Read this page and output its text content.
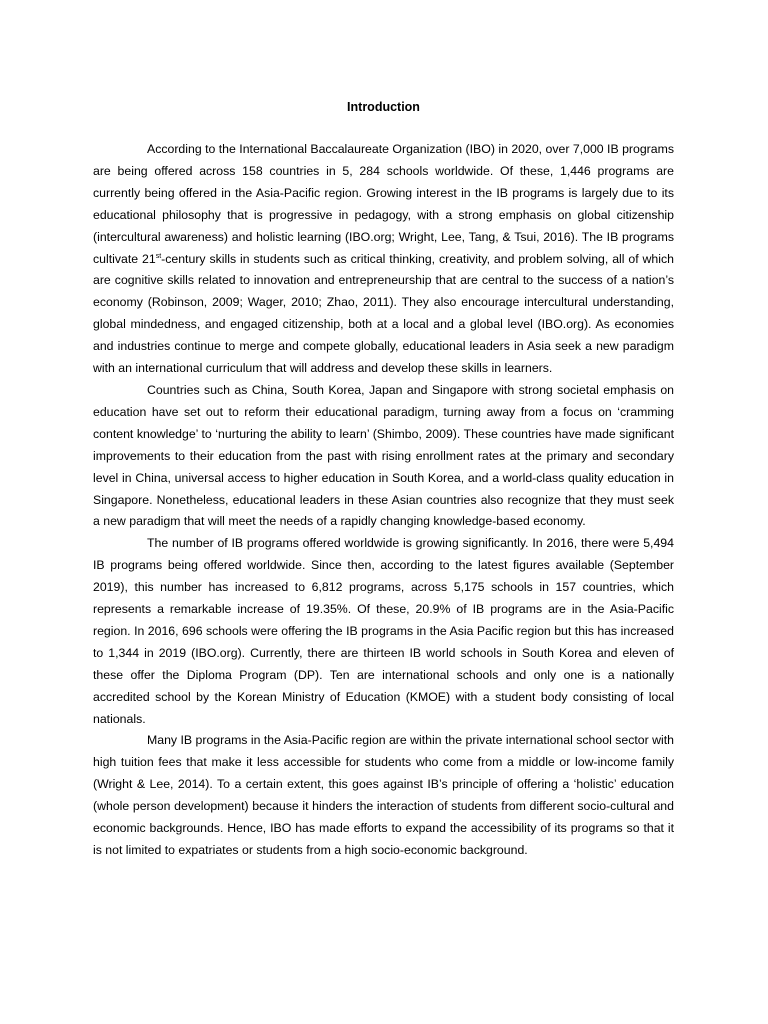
Introduction

According to the International Baccalaureate Organization (IBO) in 2020, over 7,000 IB programs are being offered across 158 countries in 5, 284 schools worldwide. Of these, 1,446 programs are currently being offered in the Asia-Pacific region. Growing interest in the IB programs is largely due to its educational philosophy that is progressive in pedagogy, with a strong emphasis on global citizenship (intercultural awareness) and holistic learning (IBO.org; Wright, Lee, Tang, & Tsui, 2016). The IB programs cultivate 21st-century skills in students such as critical thinking, creativity, and problem solving, all of which are cognitive skills related to innovation and entrepreneurship that are central to the success of a nation’s economy (Robinson, 2009; Wager, 2010; Zhao, 2011). They also encourage intercultural understanding, global mindedness, and engaged citizenship, both at a local and a global level (IBO.org). As economies and industries continue to merge and compete globally, educational leaders in Asia seek a new paradigm with an international curriculum that will address and develop these skills in learners.

Countries such as China, South Korea, Japan and Singapore with strong societal emphasis on education have set out to reform their educational paradigm, turning away from a focus on ‘cramming content knowledge’ to ‘nurturing the ability to learn’ (Shimbo, 2009). These countries have made significant improvements to their education from the past with rising enrollment rates at the primary and secondary level in China, universal access to higher education in South Korea, and a world-class quality education in Singapore. Nonetheless, educational leaders in these Asian countries also recognize that they must seek a new paradigm that will meet the needs of a rapidly changing knowledge-based economy.

The number of IB programs offered worldwide is growing significantly. In 2016, there were 5,494 IB programs being offered worldwide. Since then, according to the latest figures available (September 2019), this number has increased to 6,812 programs, across 5,175 schools in 157 countries, which represents a remarkable increase of 19.35%. Of these, 20.9% of IB programs are in the Asia-Pacific region. In 2016, 696 schools were offering the IB programs in the Asia Pacific region but this has increased to 1,344 in 2019 (IBO.org). Currently, there are thirteen IB world schools in South Korea and eleven of these offer the Diploma Program (DP). Ten are international schools and only one is a nationally accredited school by the Korean Ministry of Education (KMOE) with a student body consisting of local nationals.

Many IB programs in the Asia-Pacific region are within the private international school sector with high tuition fees that make it less accessible for students who come from a middle or low-income family (Wright & Lee, 2014). To a certain extent, this goes against IB’s principle of offering a ‘holistic’ education (whole person development) because it hinders the interaction of students from different socio-cultural and economic backgrounds. Hence, IBO has made efforts to expand the accessibility of its programs so that it is not limited to expatriates or students from a high socio-economic background.
